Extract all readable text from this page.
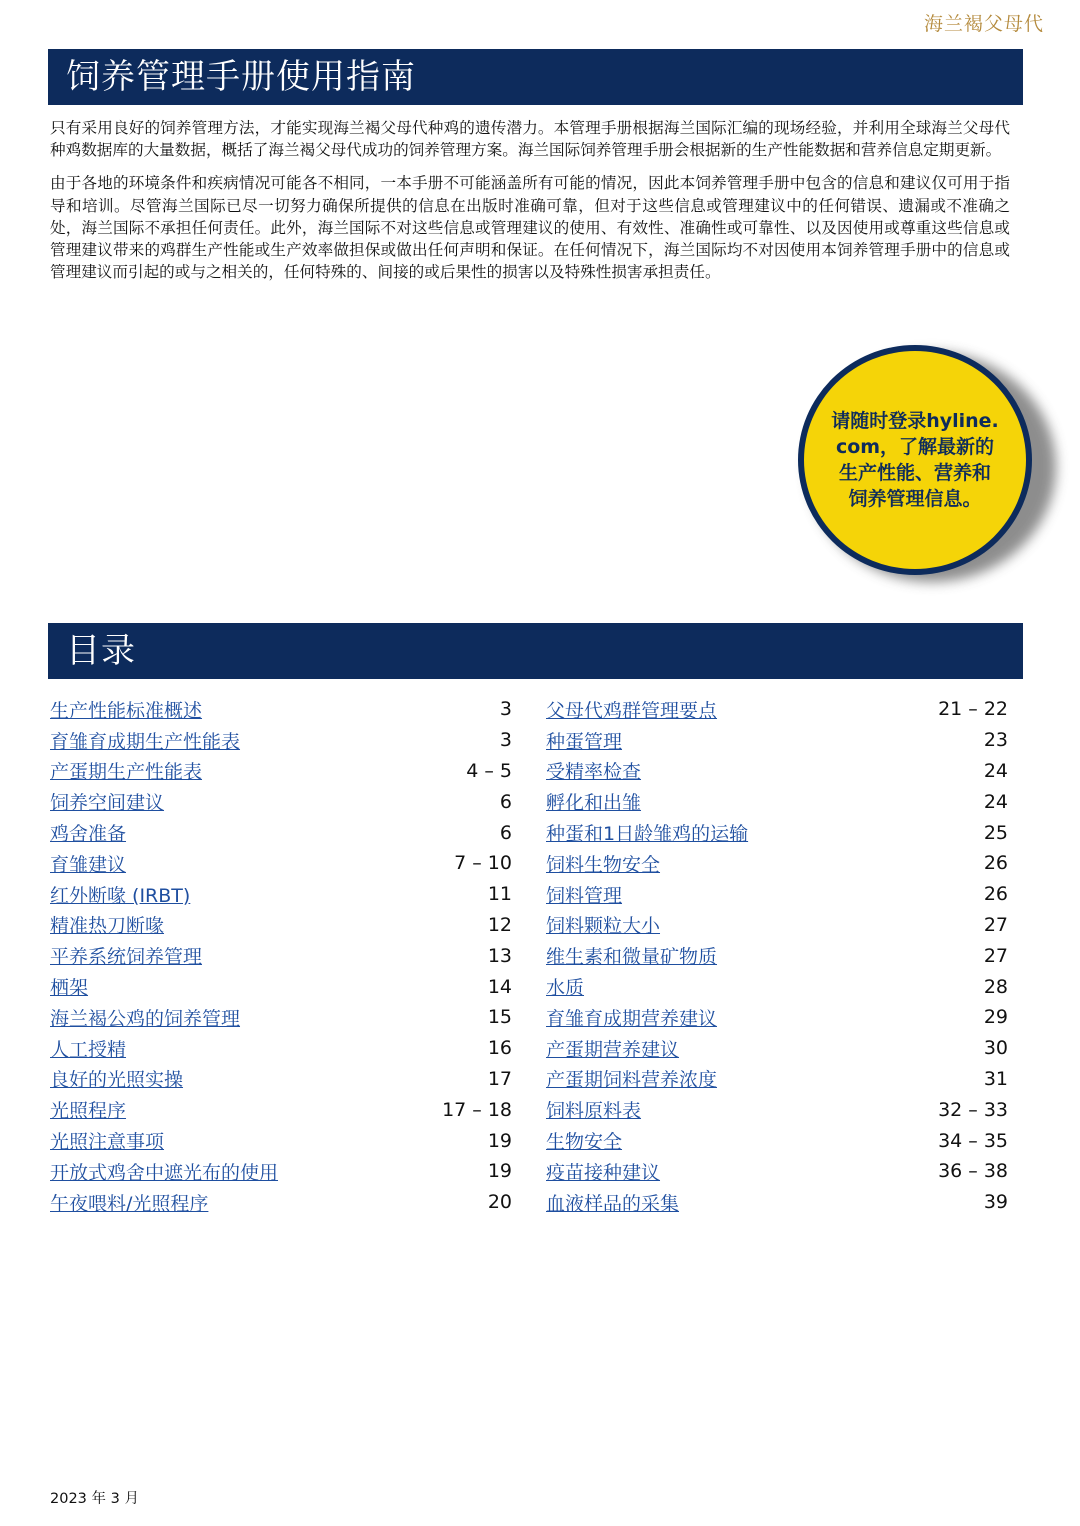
海兰褐父母代
饲养管理手册使用指南

只有采用良好的饲养管理方法，才能实现海兰褐父母代种鸡的遗传潜力。本管理手册根据海兰国际汇编的现场经验，并利用全球海兰父母代种鸡数据库的大量数据，概括了海兰褐父母代成功的饲养管理方案。海兰国际饲养管理手册会根据新的生产性能数据和营养信息定期更新。

由于各地的环境条件和疾病情况可能各不相同，一本手册不可能涵盖所有可能的情况，因此本饲养管理手册中包含的信息和建议仅可用于指导和培训。尽管海兰国际已尽一切努力确保所提供的信息在出版时准确可靠，但对于这些信息或管理建议中的任何错误、遗漏或不准确之处，海兰国际不承担任何责任。此外，海兰国际不对这些信息或管理建议的使用、有效性、准确性或可靠性、以及因使用或尊重这些信息或管理建议带来的鸡群生产性能或生产效率做担保或做出任何声明和保证。在任何情况下，海兰国际均不对因使用本饲养管理手册中的信息或管理建议而引起的或与之相关的，任何特殊的、间接的或后果性的损害以及特殊性损害承担责任。

请随时登录hyline.
com，了解最新的
生产性能、营养和
饲养管理信息。
目录
生产性能标准概述	3
育雏育成期生产性能表	3
产蛋期生产性能表	4 – 5
饲养空间建议	6
鸡舍准备	6
育雏建议	7 – 10
红外断喙 (IRBT)	11
精准热刀断喙	12
平养系统饲养管理	13
栖架	14
海兰褐公鸡的饲养管理	15
人工授精	16
良好的光照实操	17
光照程序	17 – 18
光照注意事项	19
开放式鸡舍中遮光布的使用	19
午夜喂料/光照程序	20
父母代鸡群管理要点	21 – 22
种蛋管理	23
受精率检查	24
孵化和出雏	24
种蛋和1日龄雏鸡的运输	25
饲料生物安全	26
饲料管理	26
饲料颗粒大小	27
维生素和微量矿物质	27
水质	28
育雏育成期营养建议	29
产蛋期营养建议	30
产蛋期饲料营养浓度	31
饲料原料表	32 – 33
生物安全	34 – 35
疫苗接种建议	36 – 38
血液样品的采集	39
2023 年 3 月
